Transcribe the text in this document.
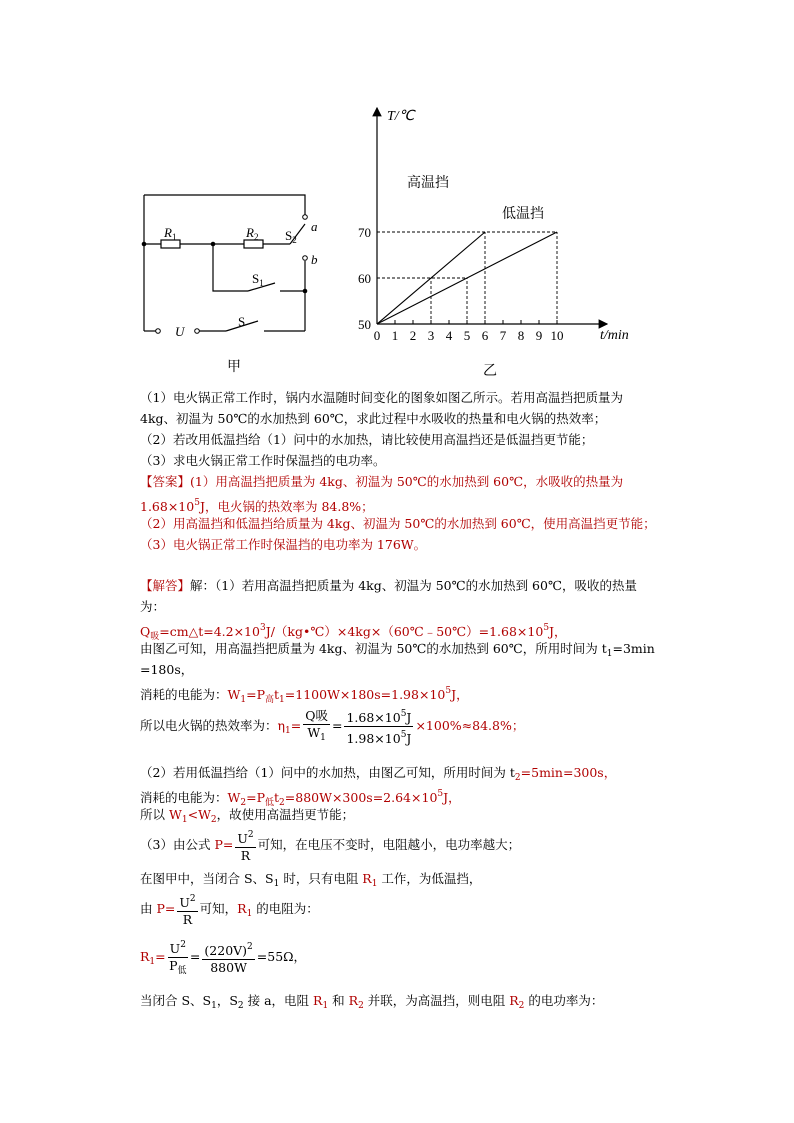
a
b
$R_1$	$R_2$ $S_2$
$S_1$
S
U
甲
0 1 2 3 4 5 6 7 8 9 10
50
60
70
T/℃
t/min
高温挡
低温挡
乙
（1）电火锅正常工作时，锅内水温随时间变化的图象如图乙所示。若用高温挡把质量为
4kg、初温为 50℃的水加热到 60℃，求此过程中水吸收的热量和电火锅的热效率；
（2）若改用低温挡给（1）问中的水加热，请比较使用高温挡还是低温挡更节能；
（3）求电火锅正常工作时保温挡的电功率。
【答案】(1）用高温挡把质量为 4kg、初温为 50℃的水加热到 60℃，水吸收的热量为
$1.68\times 10^5J$，电火锅的热效率为 84.8%；
（2）用高温挡和低温挡给质量为 4kg、初温为 50℃的水加热到 60℃，使用高温挡更节能；
（3）电火锅正常工作时保温挡的电功率为 176W。
【解答】解：（1）若用高温挡把质量为 4kg、初温为 50℃的水加热到 60℃，吸收的热量
为：
$Q_吸=cm\triangle t=4.2\times 10^3J/(kg•℃)\times 4kg\times(60℃﹣50℃)=1.68\times 10^5J$，
由图乙可知，用高温挡把质量为 4kg、初温为 50℃的水加热到 60℃，所用时间为 $t_1=3\min$
=180s，
消耗的电能为：$W_1=P_高t_1=1100W\times 180s=1.98\times 10^5J$，
所以电火锅的热效率为：$\eta_1= \frac{\text{Q吸}}{W_1} = \frac{1.68\times 10^5J}{1.98\times 10^5J} \times 100\%\approx 84.8\%$；
（2）若用低温挡给（1）问中的水加热，由图乙可知，所用时间为 $t_2=5\min=300s$，
消耗的电能为：$W_2=P_低t_2=880W\times 300s=2.64\times 10^5J$，
所以 $W_1<W_2$，故使用高温挡更节能；
（3）由公式 $P= \frac{U^2}{R}$ 可知，在电压不变时，电阻越小，电功率越大；
在图甲中，当闭合 S、$S_1$ 时，只有电阻 $R_1$ 工作，为低温挡，
由 $P= \frac{U^2}{R}$ 可知，$R_1$ 的电阻为：
$R_1= \frac{U^2}{P_低} = \frac{(220V)^2}{880W} =55\Omega$，
当闭合 S、$S_1$，$S_2$ 接 a，电阻 $R_1$ 和 $R_2$ 并联，为高温挡，则电阻 $R_2$ 的电功率为：
